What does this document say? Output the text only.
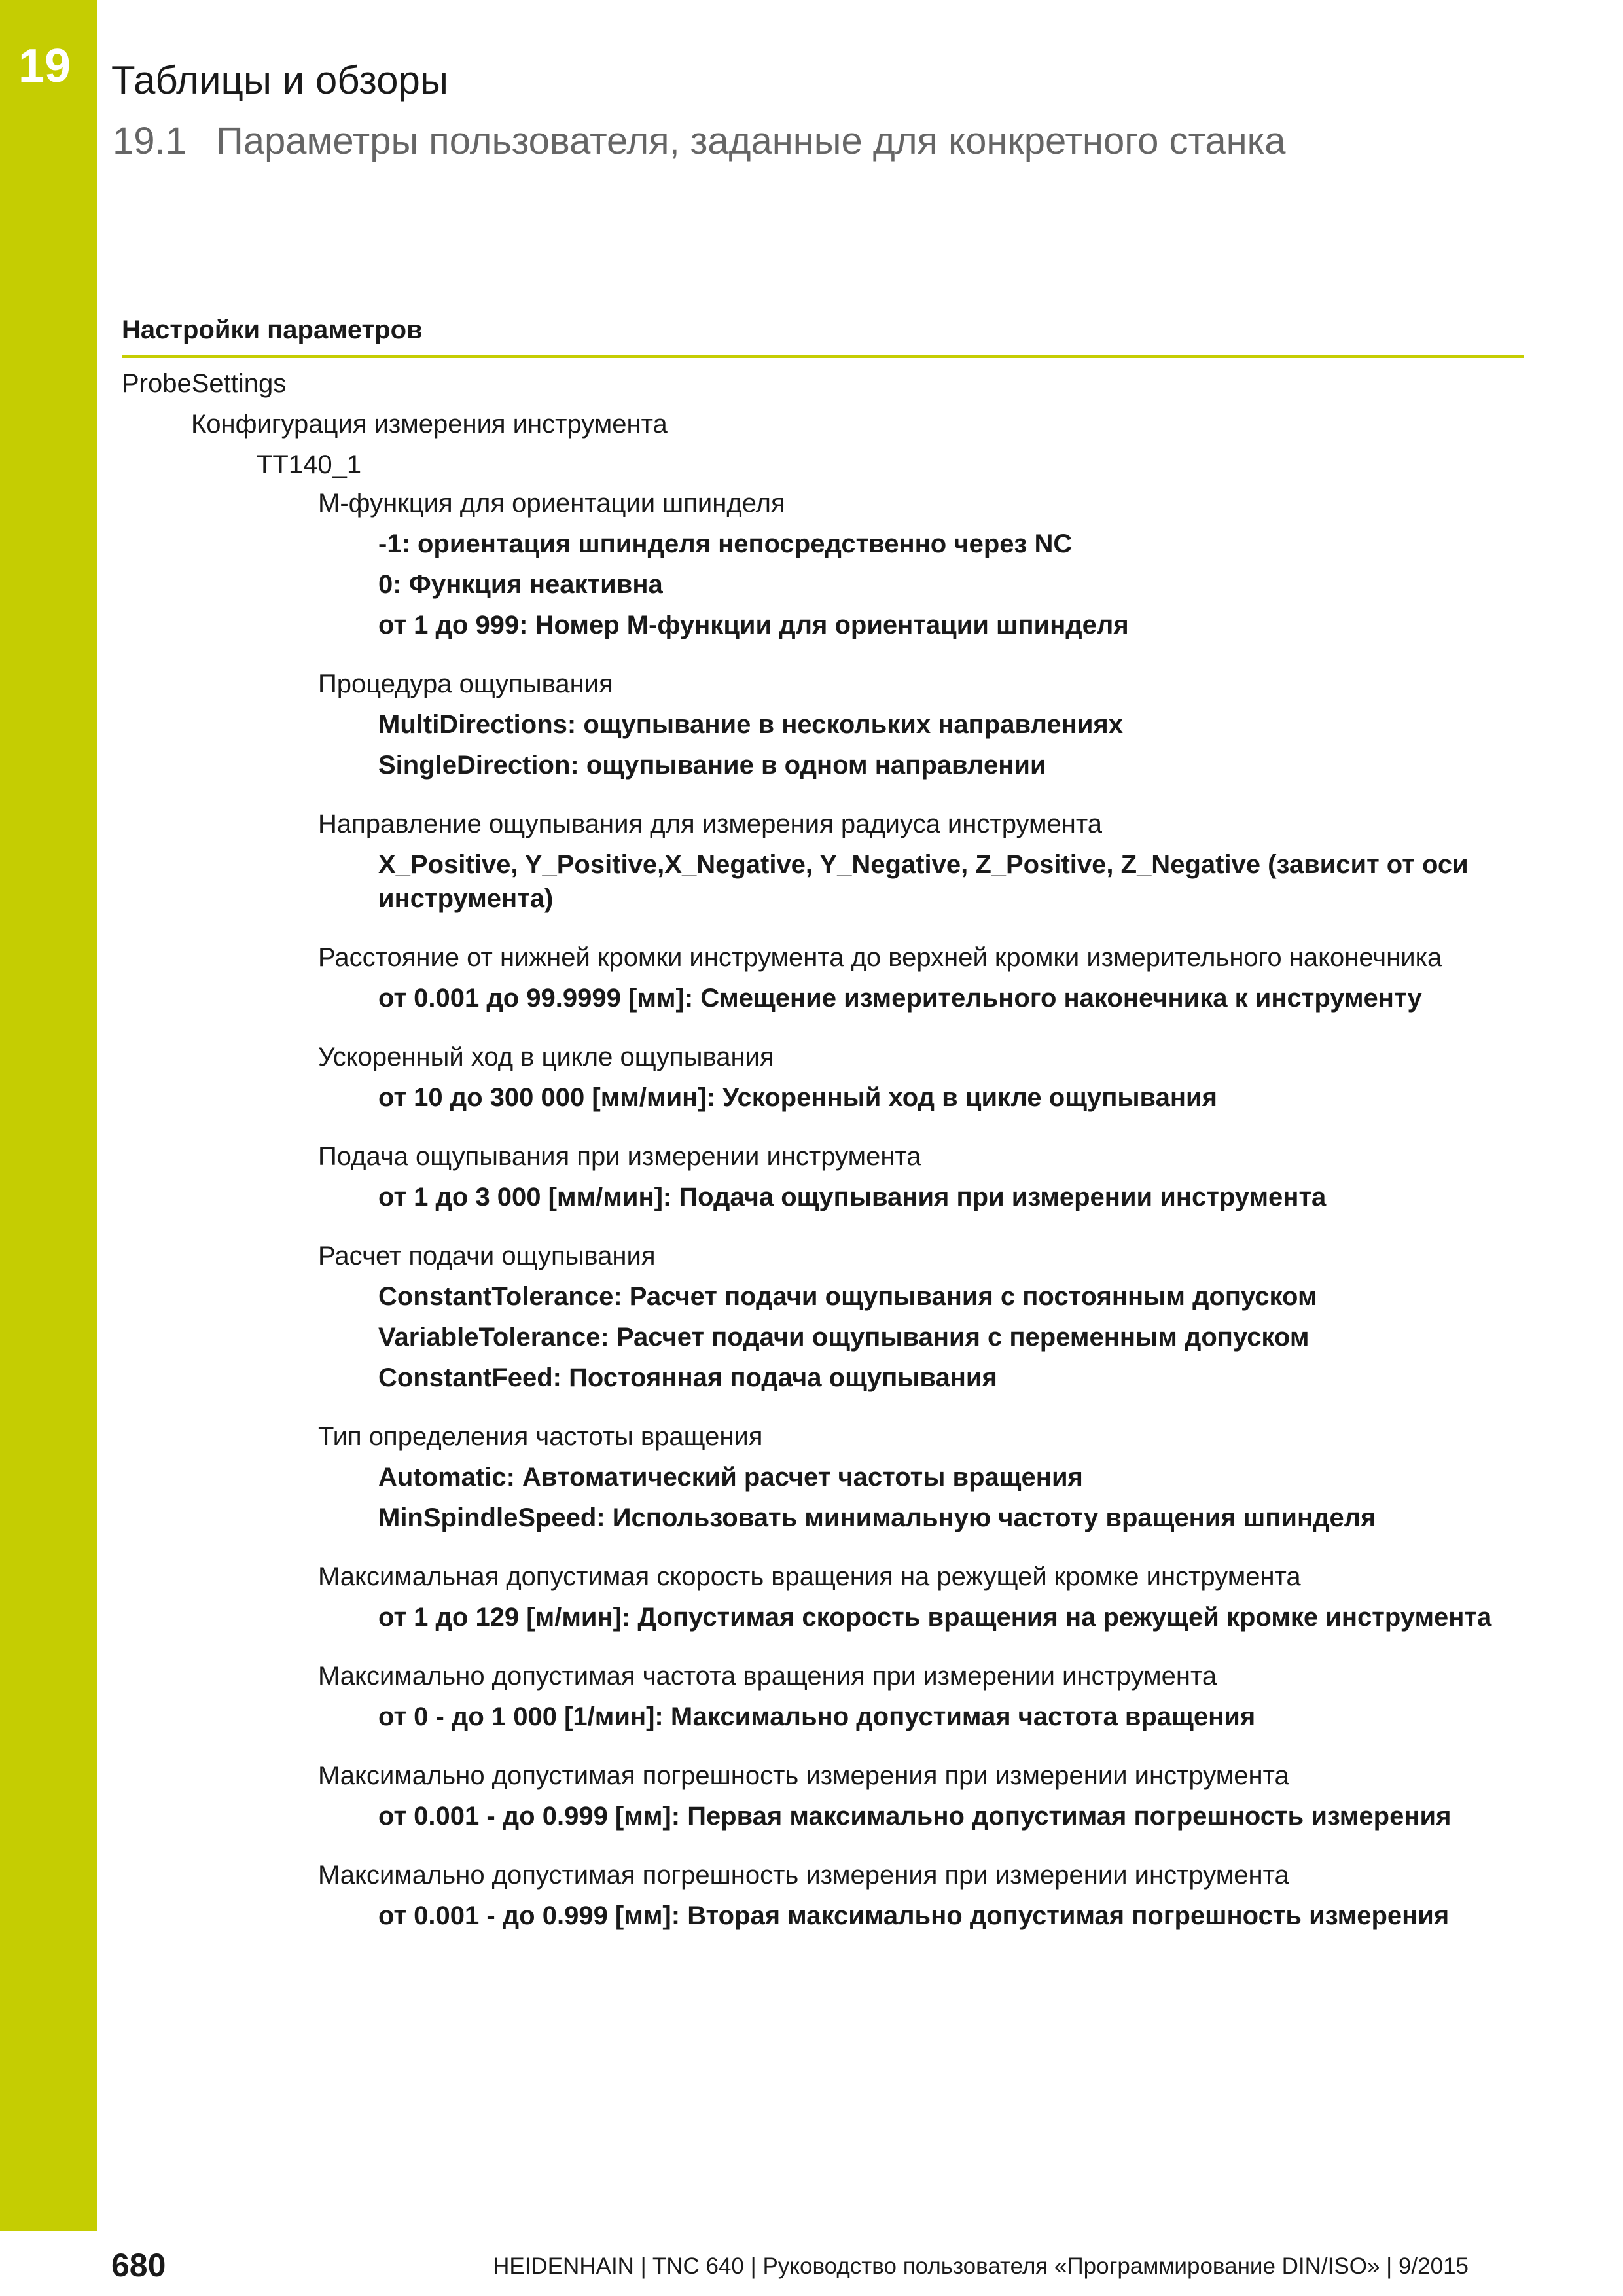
19 Таблицы и обзоры
19.1 Параметры пользователя, заданные для конкретного станка
Настройки параметров
ProbeSettings
Конфигурация измерения инструмента
TT140_1
М-функция для ориентации шпинделя
-1: ориентация шпинделя непосредственно через NC
0: Функция неактивна
от 1 до 999: Номер М-функции для ориентации шпинделя
Процедура ощупывания
MultiDirections: ощупывание в нескольких направлениях
SingleDirection: ощупывание в одном направлении
Направление ощупывания для измерения радиуса инструмента
X_Positive, Y_Positive,X_Negative, Y_Negative, Z_Positive, Z_Negative (зависит от оси инструмента)
Расстояние от нижней кромки инструмента до верхней кромки измерительного наконечника
от 0.001 до 99.9999 [мм]: Смещение измерительного наконечника к инструменту
Ускоренный ход в цикле ощупывания
от 10 до 300 000 [мм/мин]: Ускоренный ход в цикле ощупывания
Подача ощупывания при измерении инструмента
от 1 до 3 000 [мм/мин]: Подача ощупывания при измерении инструмента
Расчет подачи ощупывания
ConstantTolerance: Расчет подачи ощупывания с постоянным допуском
VariableTolerance: Расчет подачи ощупывания с переменным допуском
ConstantFeed: Постоянная подача ощупывания
Тип определения частоты вращения
Automatic: Автоматический расчет частоты вращения
MinSpindleSpeed: Использовать минимальную частоту вращения шпинделя
Максимальная допустимая скорость вращения на режущей кромке инструмента
от 1 до 129 [м/мин]: Допустимая скорость вращения на режущей кромке инструмента
Максимально допустимая частота вращения при измерении инструмента
от 0 - до 1 000 [1/мин]: Максимально допустимая частота вращения
Максимально допустимая погрешность измерения при измерении инструмента
от 0.001 - до 0.999 [мм]: Первая максимально допустимая погрешность измерения
Максимально допустимая погрешность измерения при измерении инструмента
от 0.001 - до 0.999 [мм]: Вторая максимально допустимая погрешность измерения
680	HEIDENHAIN | TNC 640 | Руководство пользователя «Программирование DIN/ISO» | 9/2015
